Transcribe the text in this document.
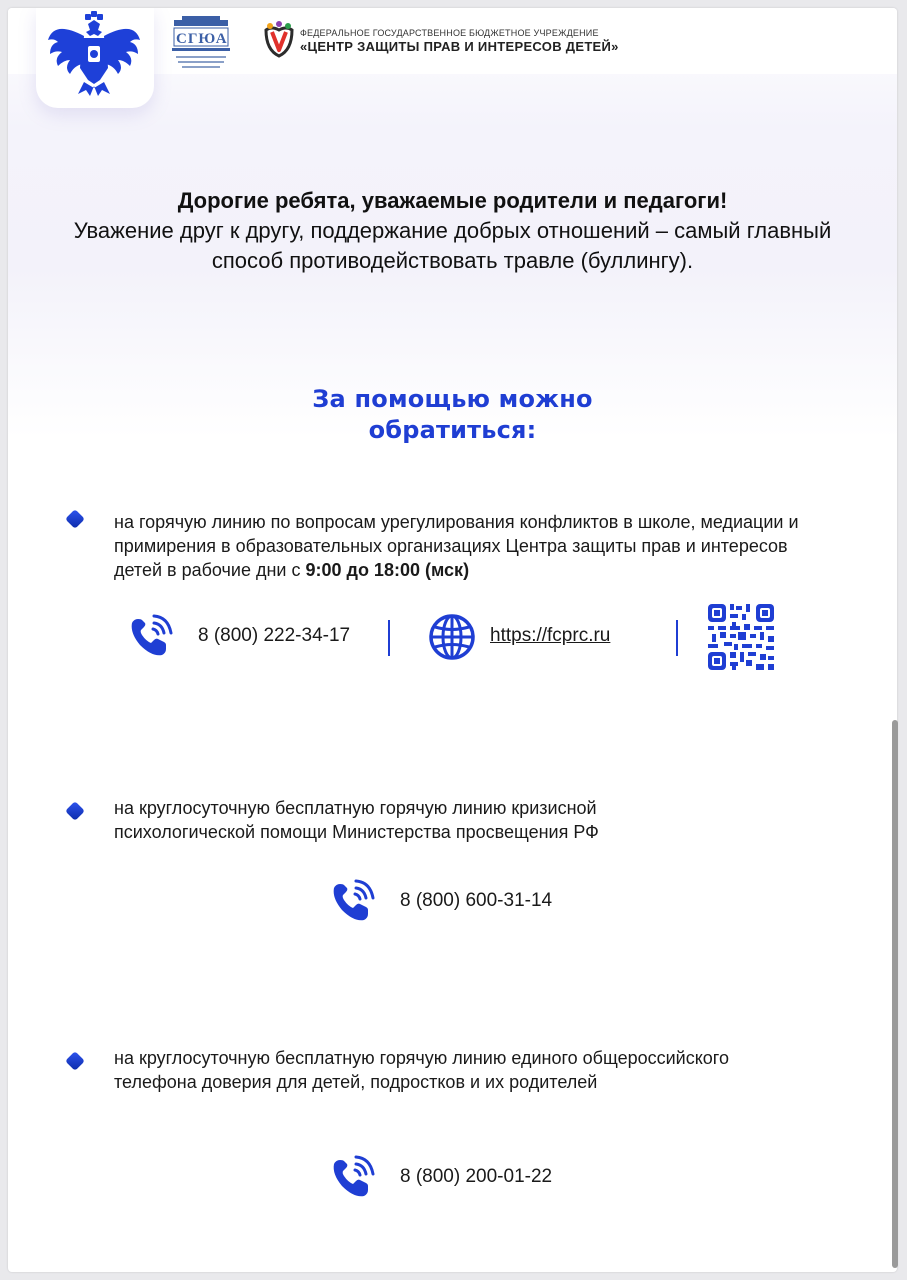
СГЮА	ФЕДЕРАЛЬНОЕ ГОСУДАРСТВЕННОЕ БЮДЖЕТНОЕ УЧРЕЖДЕНИЕ
«ЦЕНТР ЗАЩИТЫ ПРАВ И ИНТЕРЕСОВ ДЕТЕЙ»
Дорогие ребята, уважаемые родители и педагоги!
Уважение друг к другу, поддержание добрых отношений – самый главный способ противодействовать травле (буллингу).
За помощью можно
обратиться:
на горячую линию по вопросам урегулирования конфликтов в школе, медиации и примирения в образовательных организациях Центра защиты прав и интересов детей в рабочие дни с 9:00 до 18:00 (мск)
8 (800) 222-34-17	https://fcprc.ru
на круглосуточную бесплатную горячую линию кризисной психологической помощи Министерства просвещения РФ
8 (800) 600-31-14
на круглосуточную бесплатную горячую линию единого общероссийского телефона доверия для детей, подростков и их родителей
8 (800) 200-01-22
